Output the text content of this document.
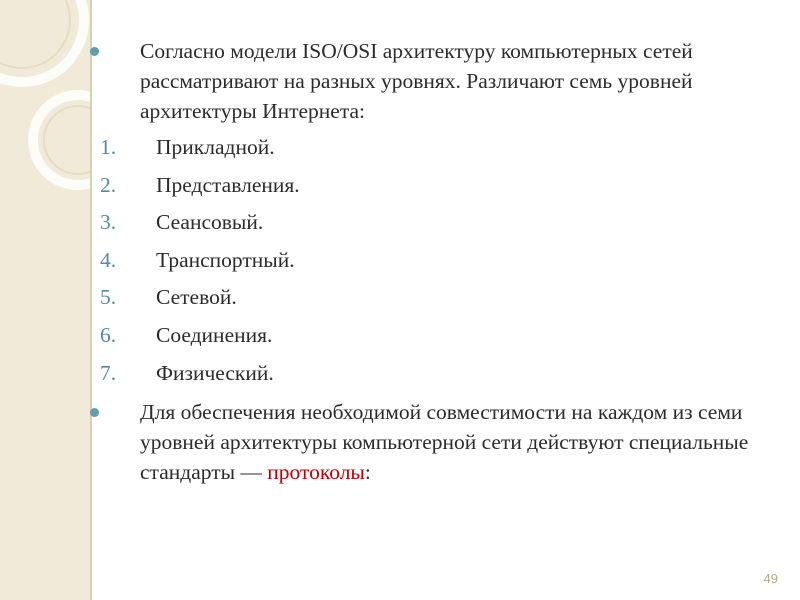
Согласно модели ISO/OSI архитектуру компьютерных сетей рассматривают на разных уровнях. Различают семь уровней архитектуры Интернета:

1. Прикладной.
2. Представления.
3. Сеансовый.
4. Транспортный.
5. Сетевой.
6. Соединения.
7. Физический.

Для обеспечения необходимой совместимости на каждом из семи уровней архитектуры компьютерной сети действуют специальные стандарты — протоколы:

49
